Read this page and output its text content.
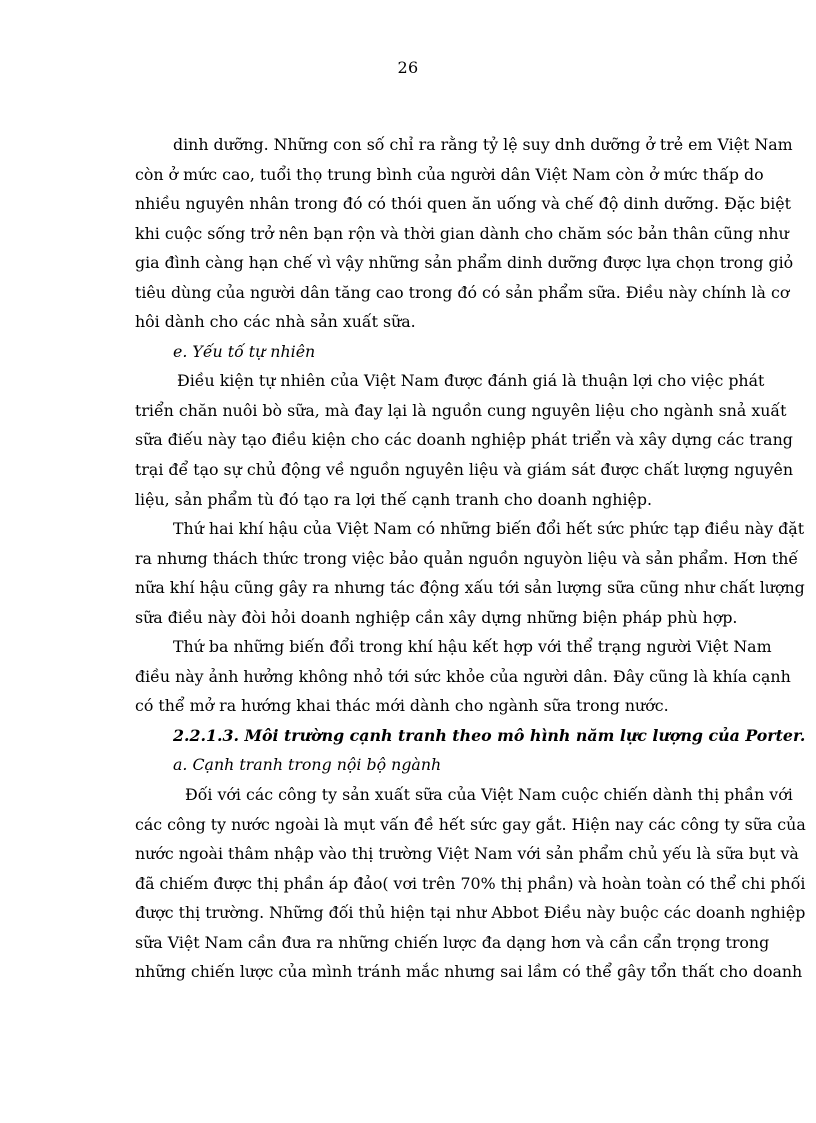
26
dinh dưỡng. Những con số chỉ ra rằng tỷ lệ suy dnh dưỡng ở trẻ em Việt Nam
còn ở mức cao, tuổi thọ trung bình của người dân Việt Nam còn ở mức thấp do
nhiều nguyên nhân trong đó có thói quen ăn uống và chế độ dinh dưỡng. Đặc biệt
khi cuộc sống trở nên bạn rộn và thời gian dành cho chăm sóc bản thân cũng như
gia đình càng hạn chế vì vậy những sản phẩm dinh dưỡng được lựa chọn trong giỏ
tiêu dùng của người dân tăng cao trong đó có sản phẩm sữa. Điều này chính là cơ
hôi dành cho các nhà sản xuất sữa.
e. Yếu tố tự nhiên
Điều kiện tự nhiên của Việt Nam được đánh giá là thuận lợi cho việc phát
triển chăn nuôi bò sữa, mà đay lại là nguồn cung nguyên liệu cho ngành snả xuất
sữa điếu này tạo điều kiện cho các doanh nghiệp phát triển và xây dựng các trang
trại để tạo sự chủ động về nguồn nguyên liệu và giám sát được chất lượng nguyên
liệu, sản phẩm tù đó tạo ra lợi thế cạnh tranh cho doanh nghiệp.
Thứ hai khí hậu của Việt Nam có những biến đổi hết sức phức tạp điều này đặt
ra nhưng thách thức trong việc bảo quản nguồn nguyòn liệu và sản phẩm. Hơn thế
nữa khí hậu cũng gây ra nhưng tác động xấu tới sản lượng sữa cũng như chất lượng
sữa điều này đòi hỏi doanh nghiệp cần xây dựng những biện pháp phù hợp.
Thứ ba những biến đổi trong khí hậu kết hợp với thể trạng người Việt Nam
điều này ảnh hưởng không nhỏ tới sức khỏe của người dân. Đây cũng là khía cạnh
có thể mở ra hướng khai thác mới dành cho ngành sữa trong nước.
2.2.1.3. Môi trường cạnh tranh theo mô hình năm lực lượng của Porter.
a. Cạnh tranh trong nội bộ ngành
Đối với các công ty sản xuất sữa của Việt Nam cuộc chiến dành thị phần với
các công ty nước ngoài là mụt vấn đề hết sức gay gắt. Hiện nay các công ty sữa của
nước ngoài thâm nhập vào thị trường Việt Nam với sản phẩm chủ yếu là sữa bụt và
đã chiếm được thị phần áp đảo( vơi trên 70% thị phần) và hoàn toàn có thể chi phối
được thị trường. Những đối thủ hiện tại như Abbot Điều này buộc các doanh nghiệp
sữa Việt Nam cần đưa ra những chiến lược đa dạng hơn và cần cẩn trọng trong
những chiến lược của mình tránh mắc nhưng sai lầm có thể gây tổn thất cho doanh
